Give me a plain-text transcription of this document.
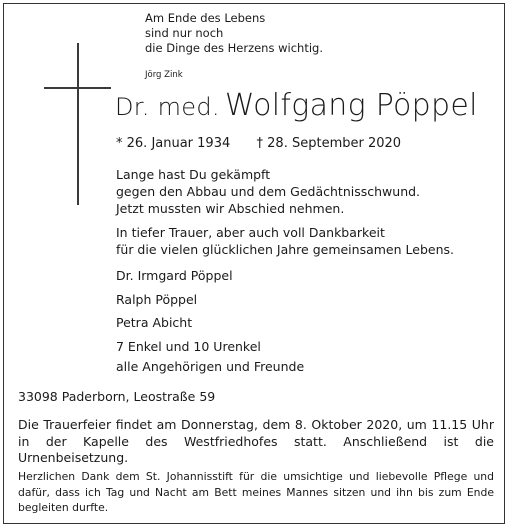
Am Ende des Lebens
sind nur noch
die Dinge des Herzens wichtig.
Jörg Zink
Dr. med. Wolfgang Pöppel
* 26. Januar 1934 † 28. September 2020
Lange hast Du gekämpft
gegen den Abbau und dem Gedächtnisschwund.
Jetzt mussten wir Abschied nehmen.
In tiefer Trauer, aber auch voll Dankbarkeit
für die vielen glücklichen Jahre gemeinsamen Lebens.
Dr. Irmgard Pöppel
Ralph Pöppel
Petra Abicht
7 Enkel und 10 Urenkel
alle Angehörigen und Freunde
33098 Paderborn, Leostraße 59
Die Trauerfeier findet am Donnerstag, dem 8. Oktober 2020, um 11.15 Uhr in der Kapelle des Westfriedhofes statt. Anschließend ist die Urnenbeisetzung.
Herzlichen Dank dem St. Johannisstift für die umsichtige und liebevolle Pflege und dafür, dass ich Tag und Nacht am Bett meines Mannes sitzen und ihn bis zum Ende begleiten durfte.
